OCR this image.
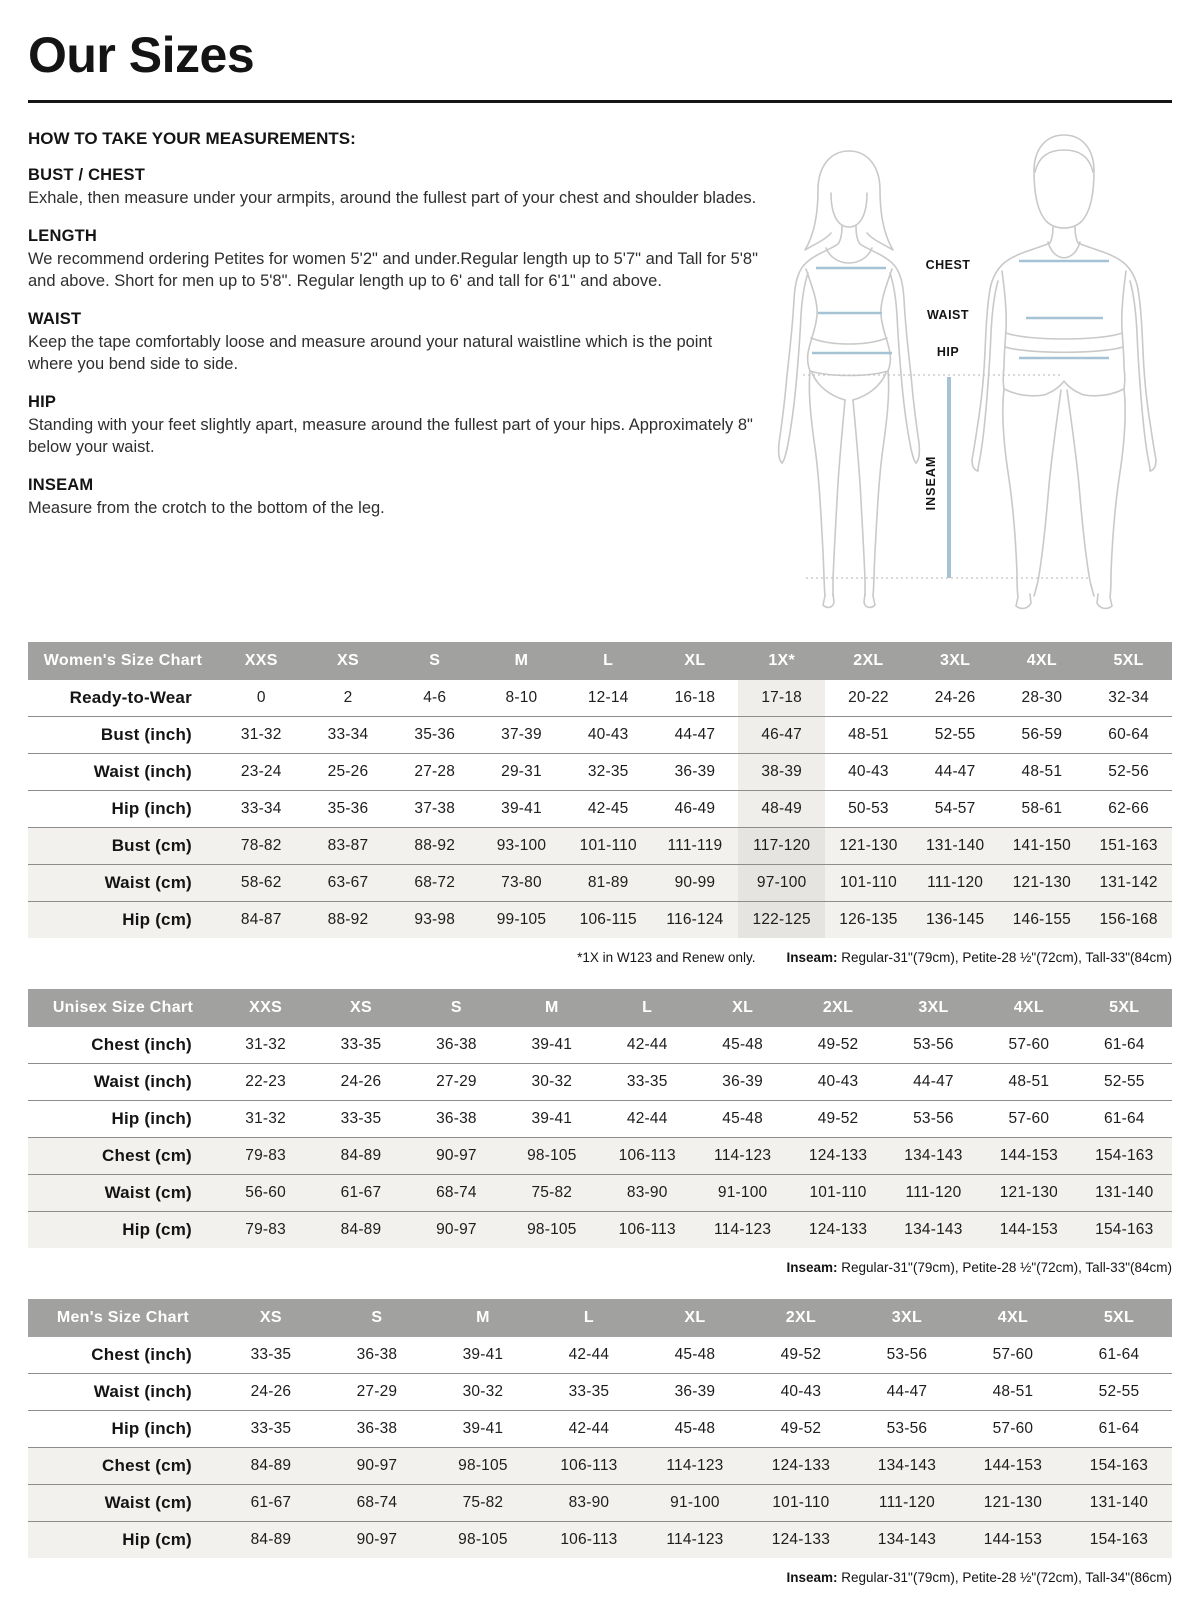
Our Sizes
HOW TO TAKE YOUR MEASUREMENTS:
BUST / CHEST

Exhale, then measure under your armpits, around the fullest part of your chest and shoulder blades.

LENGTH

We recommend ordering Petites for women 5'2" and under.Regular length up to 5'7" and Tall for 5'8" and above. Short for men up to 5'8". Regular length up to 6' and tall for 6'1" and above.

WAIST

Keep the tape comfortably loose and measure around your natural waistline which is the point where you bend side to side.

HIP

Standing with your feet slightly apart, measure around the fullest part of your hips. Approximately 8" below your waist.

INSEAM

Measure from the crotch to the bottom of the leg.

CHEST
WAIST
HIP
INSEAM
Women's Size Chart	XXS	XS	S	M	L	XL	1X*	2XL	3XL	4XL	5XL
Ready-to-Wear	0	2	4-6	8-10	12-14	16-18	17-18	20-22	24-26	28-30	32-34
Bust (inch)	31-32	33-34	35-36	37-39	40-43	44-47	46-47	48-51	52-55	56-59	60-64
Waist (inch)	23-24	25-26	27-28	29-31	32-35	36-39	38-39	40-43	44-47	48-51	52-56
Hip (inch)	33-34	35-36	37-38	39-41	42-45	46-49	48-49	50-53	54-57	58-61	62-66
Bust (cm)	78-82	83-87	88-92	93-100	101-110	111-119	117-120	121-130	131-140	141-150	151-163
Waist (cm)	58-62	63-67	68-72	73-80	81-89	90-99	97-100	101-110	111-120	121-130	131-142
Hip (cm)	84-87	88-92	93-98	99-105	106-115	116-124	122-125	126-135	136-145	146-155	156-168
*1X in W123 and Renew only. Inseam: Regular-31"(79cm), Petite-28 ½"(72cm), Tall-33"(84cm)
Unisex Size Chart	XXS	XS	S	M	L	XL	2XL	3XL	4XL	5XL
Chest (inch)	31-32	33-35	36-38	39-41	42-44	45-48	49-52	53-56	57-60	61-64
Waist (inch)	22-23	24-26	27-29	30-32	33-35	36-39	40-43	44-47	48-51	52-55
Hip (inch)	31-32	33-35	36-38	39-41	42-44	45-48	49-52	53-56	57-60	61-64
Chest (cm)	79-83	84-89	90-97	98-105	106-113	114-123	124-133	134-143	144-153	154-163
Waist (cm)	56-60	61-67	68-74	75-82	83-90	91-100	101-110	111-120	121-130	131-140
Hip (cm)	79-83	84-89	90-97	98-105	106-113	114-123	124-133	134-143	144-153	154-163
Inseam: Regular-31"(79cm), Petite-28 ½"(72cm), Tall-33"(84cm)
Men's Size Chart	XS	S	M	L	XL	2XL	3XL	4XL	5XL
Chest (inch)	33-35	36-38	39-41	42-44	45-48	49-52	53-56	57-60	61-64
Waist (inch)	24-26	27-29	30-32	33-35	36-39	40-43	44-47	48-51	52-55
Hip (inch)	33-35	36-38	39-41	42-44	45-48	49-52	53-56	57-60	61-64
Chest (cm)	84-89	90-97	98-105	106-113	114-123	124-133	134-143	144-153	154-163
Waist (cm)	61-67	68-74	75-82	83-90	91-100	101-110	111-120	121-130	131-140
Hip (cm)	84-89	90-97	98-105	106-113	114-123	124-133	134-143	144-153	154-163
Inseam: Regular-31"(79cm), Petite-28 ½"(72cm), Tall-34"(86cm)
